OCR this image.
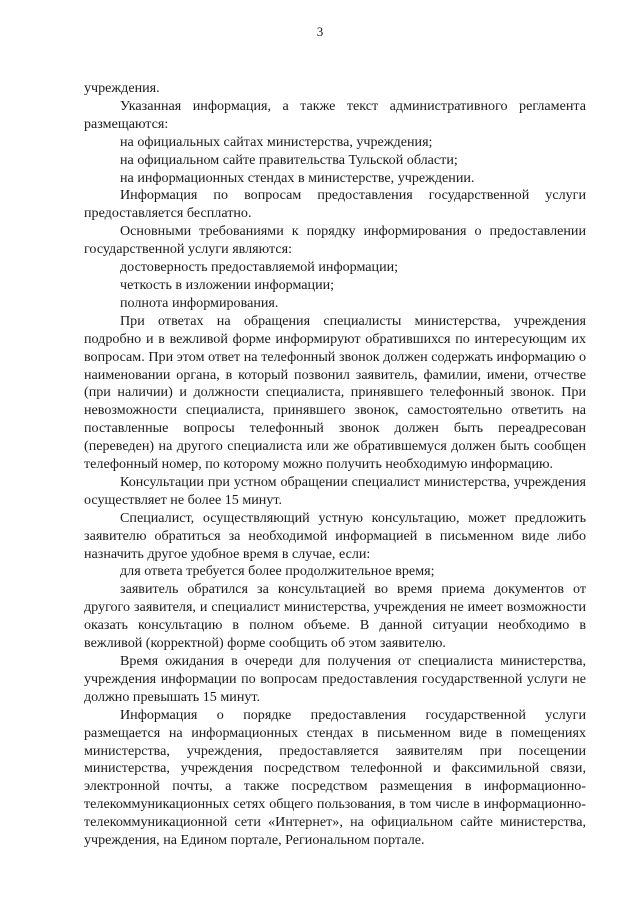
3

учреждения.

Указанная информация, а также текст административного регламента размещаются:

на официальных сайтах министерства, учреждения;

на официальном сайте правительства Тульской области;

на информационных стендах в министерстве, учреждении.

Информация по вопросам предоставления государственной услуги предоставляется бесплатно.

Основными требованиями к порядку информирования о предоставлении государственной услуги являются:

достоверность предоставляемой информации;

четкость в изложении информации;

полнота информирования.

При ответах на обращения специалисты министерства, учреждения подробно и в вежливой форме информируют обратившихся по интересующим их вопросам. При этом ответ на телефонный звонок должен содержать информацию о наименовании органа, в который позвонил заявитель, фамилии, имени, отчестве (при наличии) и должности специалиста, принявшего телефонный звонок. При невозможности специалиста, принявшего звонок, самостоятельно ответить на поставленные вопросы телефонный звонок должен быть переадресован (переведен) на другого специалиста или же обратившемуся должен быть сообщен телефонный номер, по которому можно получить необходимую информацию.

Консультации при устном обращении специалист министерства, учреждения осуществляет не более 15 минут.

Специалист, осуществляющий устную консультацию, может предложить заявителю обратиться за необходимой информацией в письменном виде либо назначить другое удобное время в случае, если:

для ответа требуется более продолжительное время;

заявитель обратился за консультацией во время приема документов от другого заявителя, и специалист министерства, учреждения не имеет возможности оказать консультацию в полном объеме. В данной ситуации необходимо в вежливой (корректной) форме сообщить об этом заявителю.

Время ожидания в очереди для получения от специалиста министерства, учреждения информации по вопросам предоставления государственной услуги не должно превышать 15 минут.

Информация о порядке предоставления государственной услуги размещается на информационных стендах в письменном виде в помещениях министерства, учреждения, предоставляется заявителям при посещении министерства, учреждения посредством телефонной и факсимильной связи, электронной почты, а также посредством размещения в информационно-телекоммуникационных сетях общего пользования, в том числе в информационно-телекоммуникационной сети «Интернет», на официальном сайте министерства, учреждения, на Едином портале, Региональном портале.
